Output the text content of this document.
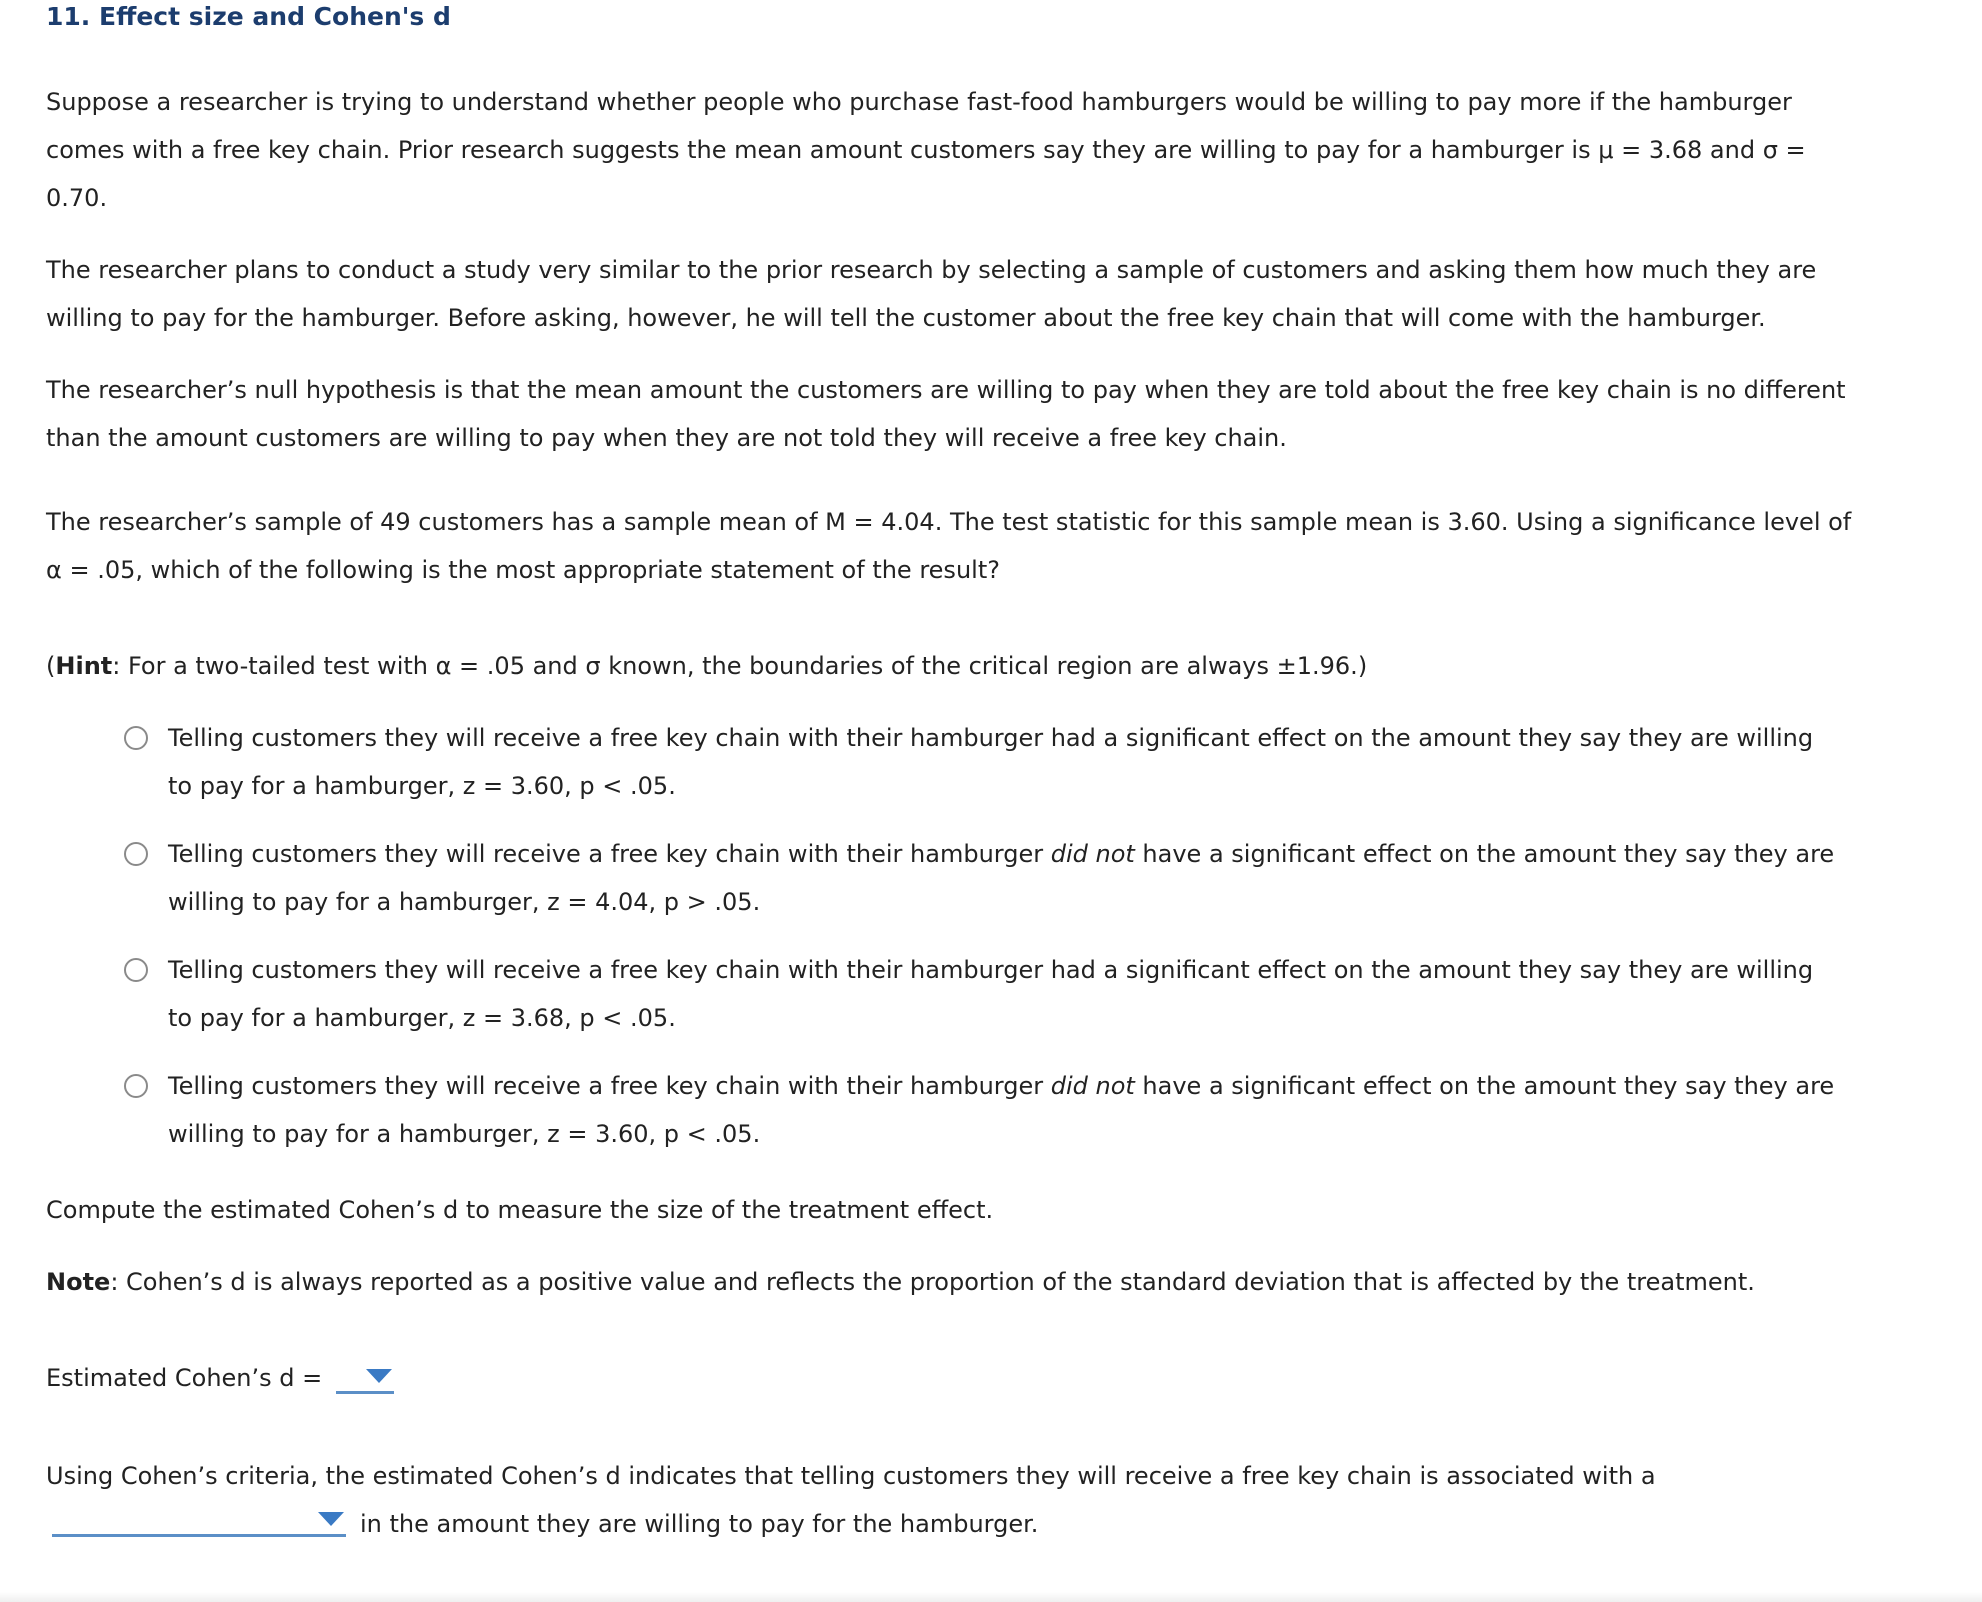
11. Effect size and Cohen's d

Suppose a researcher is trying to understand whether people who purchase fast-food hamburgers would be willing to pay more if the hamburger
comes with a free key chain. Prior research suggests the mean amount customers say they are willing to pay for a hamburger is μ = 3.68 and σ =
0.70.

The researcher plans to conduct a study very similar to the prior research by selecting a sample of customers and asking them how much they are
willing to pay for the hamburger. Before asking, however, he will tell the customer about the free key chain that will come with the hamburger.

The researcher’s null hypothesis is that the mean amount the customers are willing to pay when they are told about the free key chain is no different
than the amount customers are willing to pay when they are not told they will receive a free key chain.

The researcher’s sample of 49 customers has a sample mean of M = 4.04. The test statistic for this sample mean is 3.60. Using a significance level of
α = .05, which of the following is the most appropriate statement of the result?

(Hint: For a two-tailed test with α = .05 and σ known, the boundaries of the critical region are always ±1.96.)

Telling customers they will receive a free key chain with their hamburger had a significant effect on the amount they say they are willing
to pay for a hamburger, z = 3.60, p < .05.
Telling customers they will receive a free key chain with their hamburger did not have a significant effect on the amount they say they are
willing to pay for a hamburger, z = 4.04, p > .05.
Telling customers they will receive a free key chain with their hamburger had a significant effect on the amount they say they are willing
to pay for a hamburger, z = 3.68, p < .05.
Telling customers they will receive a free key chain with their hamburger did not have a significant effect on the amount they say they are
willing to pay for a hamburger, z = 3.60, p < .05.

Compute the estimated Cohen’s d to measure the size of the treatment effect.

Note: Cohen’s d is always reported as a positive value and reflects the proportion of the standard deviation that is affected by the treatment.

Estimated Cohen’s d =

Using Cohen’s criteria, the estimated Cohen’s d indicates that telling customers they will receive a free key chain is associated with a
in the amount they are willing to pay for the hamburger.
